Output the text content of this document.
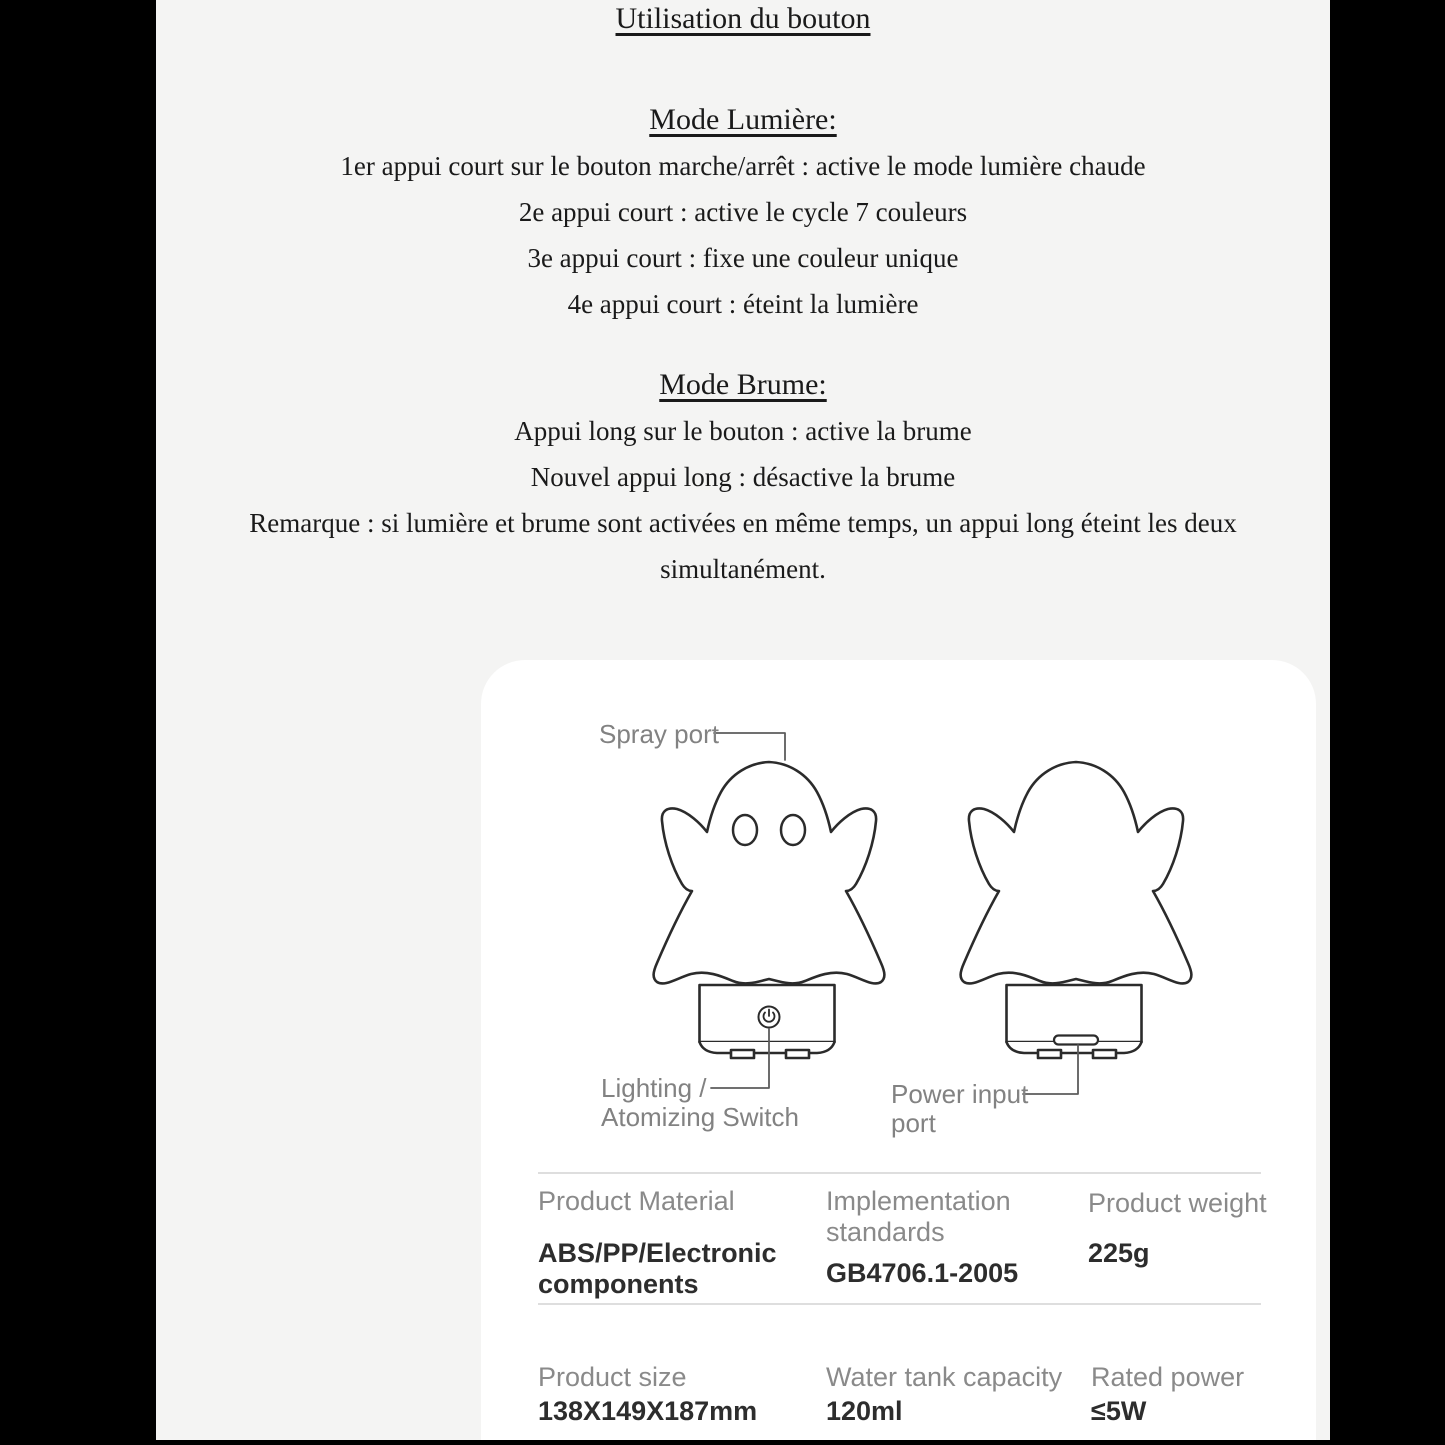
Utilisation du bouton
Mode Lumière:
1er appui court sur le bouton marche/arrêt : active le mode lumière chaude
2e appui court : active le cycle 7 couleurs
3e appui court : fixe une couleur unique
4e appui court : éteint la lumière
Mode Brume:
Appui long sur le bouton : active la brume
Nouvel appui long : désactive la brume
Remarque : si lumière et brume sont activées en même temps, un appui long éteint les deux
simultanément.
Spray port
Lighting /
Atomizing Switch
Power input
port
Product Material
ABS/PP/Electronic
components
Implementation
standards
GB4706.1-2005
Product weight
225g
Product size
138X149X187mm
Water tank capacity
120ml
Rated power
≤5W
